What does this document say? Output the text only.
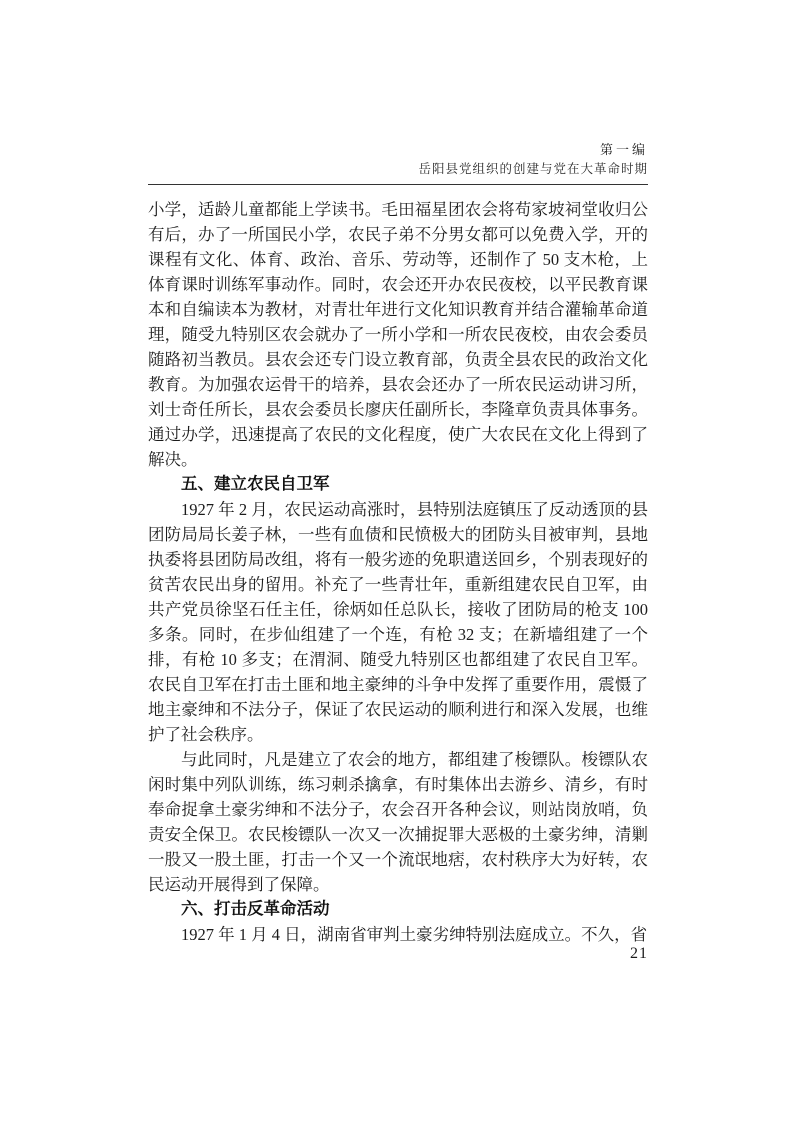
第一编
岳阳县党组织的创建与党在大革命时期

小学，适龄儿童都能上学读书。毛田福星团农会将苟家坡祠堂收归公有后，办了一所国民小学，农民子弟不分男女都可以免费入学，开的课程有文化、体育、政治、音乐、劳动等，还制作了 50 支木枪，上体育课时训练军事动作。同时，农会还开办农民夜校，以平民教育课本和自编读本为教材，对青壮年进行文化知识教育并结合灌输革命道理，随受九特别区农会就办了一所小学和一所农民夜校，由农会委员随路初当教员。县农会还专门设立教育部，负责全县农民的政治文化教育。为加强农运骨干的培养，县农会还办了一所农民运动讲习所，刘士奇任所长，县农会委员长廖庆任副所长，李隆章负责具体事务。通过办学，迅速提高了农民的文化程度，使广大农民在文化上得到了解决。

五、建立农民自卫军

1927 年 2 月，农民运动高涨时，县特别法庭镇压了反动透顶的县团防局局长姜子林，一些有血债和民愤极大的团防头目被审判，县地执委将县团防局改组，将有一般劣迹的免职遣送回乡，个别表现好的贫苦农民出身的留用。补充了一些青壮年，重新组建农民自卫军，由共产党员徐坚石任主任，徐炳如任总队长，接收了团防局的枪支 100 多条。同时，在步仙组建了一个连，有枪 32 支；在新墙组建了一个排，有枪 10 多支；在渭洞、随受九特别区也都组建了农民自卫军。农民自卫军在打击土匪和地主豪绅的斗争中发挥了重要作用，震慑了地主豪绅和不法分子，保证了农民运动的顺利进行和深入发展，也维护了社会秩序。

与此同时，凡是建立了农会的地方，都组建了梭镖队。梭镖队农闲时集中列队训练，练习刺杀擒拿，有时集体出去游乡、清乡，有时奉命捉拿土豪劣绅和不法分子，农会召开各种会议，则站岗放哨，负责安全保卫。农民梭镖队一次又一次捕捉罪大恶极的土豪劣绅，清剿一股又一股土匪，打击一个又一个流氓地痞，农村秩序大为好转，农民运动开展得到了保障。

六、打击反革命活动

1927 年 1 月 4 日，湖南省审判土豪劣绅特别法庭成立。不久，省

21
